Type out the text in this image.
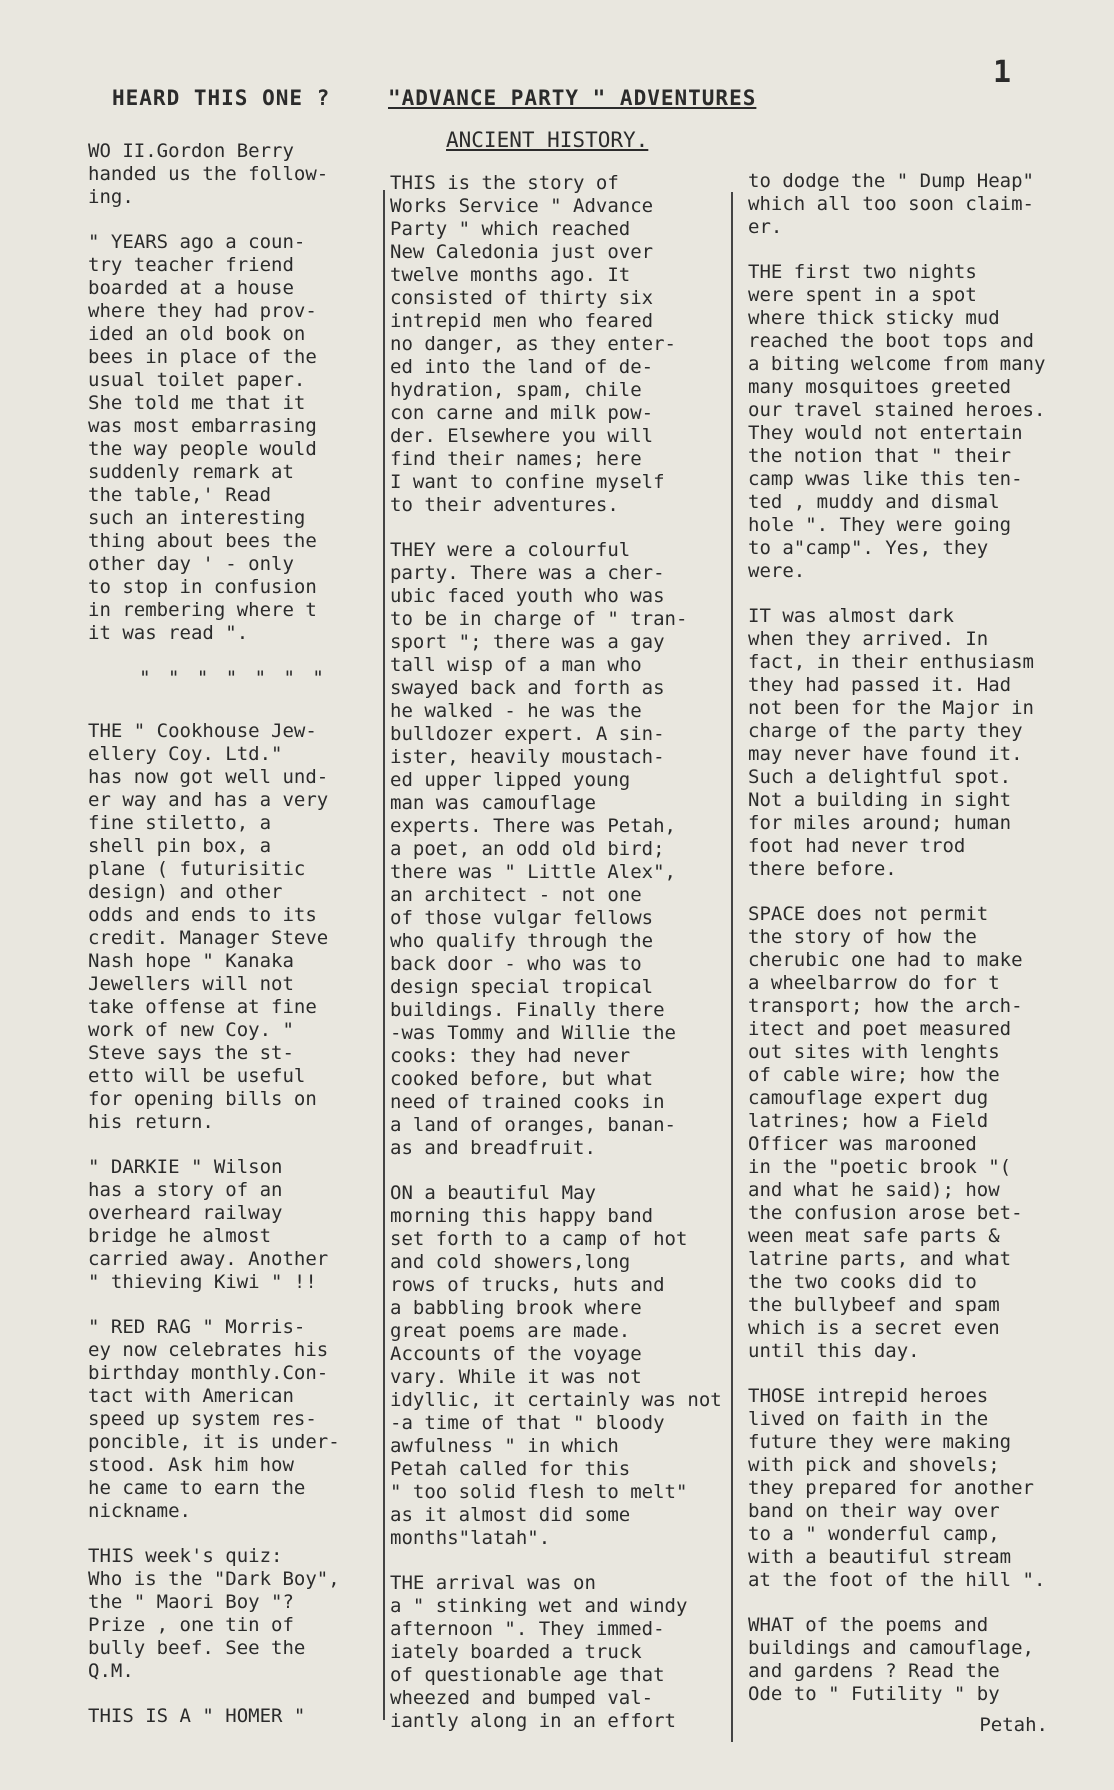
1
HEARD THIS ONE ?	"ADVANCE PARTY " ADVENTURES
ANCIENT HISTORY.

WO II.Gordon Berry
handed us the follow-
ing.

" YEARS ago a coun-
try teacher friend
boarded at a house
where they had prov-
ided an old book on
bees in place of the
usual toilet paper.
She told me that it
was most embarrasing
the way people would
suddenly remark at
the table,' Read
such an interesting
thing about bees the
other day ' - only
to stop in confusion
in rembering where t
it was read ".

" " " " " " "

THE " Cookhouse Jew-
ellery Coy. Ltd."
has now got well und-
er way and has a very
fine stiletto, a
shell pin box, a
plane ( futurisitic
design) and other
odds and ends to its
credit. Manager Steve
Nash hope " Kanaka
Jewellers will not
take offense at fine
work of new Coy. "
Steve says the st-
etto will be useful
for opening bills on
his return.

" DARKIE " Wilson
has a story of an
overheard railway
bridge he almost
carried away. Another
" thieving Kiwi " !!

" RED RAG " Morris-
ey now celebrates his
birthday monthly.Con-
tact with American
speed up system res-
poncible, it is under-
stood. Ask him how
he came to earn the
nickname.

THIS week's quiz:
Who is the "Dark Boy",
the " Maori Boy "?
Prize , one tin of
bully beef. See the
Q.M.

THIS IS A " HOMER "

THIS is the story of
Works Service " Advance
Party " which reached
New Caledonia just over
twelve months ago. It
consisted of thirty six
intrepid men who feared
no danger, as they enter-
ed into the land of de-
hydration, spam, chile
con carne and milk pow-
der. Elsewhere you will
find their names; here
I want to confine myself
to their adventures.

THEY were a colourful
party. There was a cher-
ubic faced youth who was
to be in charge of " tran-
sport "; there was a gay
tall wisp of a man who
swayed back and forth as
he walked - he was the
bulldozer expert. A sin-
ister, heavily moustach-
ed upper lipped young
man was camouflage
experts. There was Petah,
a poet, an odd old bird;
there was " Little Alex",
an architect - not one
of those vulgar fellows
who qualify through the
back door - who was to
design special tropical
buildings. Finally there
-was Tommy and Willie the
cooks: they had never
cooked before, but what
need of trained cooks in
a land of oranges, banan-
as and breadfruit.

ON a beautiful May
morning this happy band
set forth to a camp of hot
and cold showers,long
rows of trucks, huts and
a babbling brook where
great poems are made.
Accounts of the voyage
vary. While it was not
idyllic, it certainly was not
-a time of that " bloody
awfulness " in which
Petah called for this
" too solid flesh to melt"
as it almost did some
months"latah".

THE arrival was on
a " stinking wet and windy
afternoon ". They immed-
iately boarded a truck
of questionable age that
wheezed and bumped val-
iantly along in an effort

to dodge the " Dump Heap"
which all too soon claim-
er.

THE first two nights
were spent in a spot
where thick sticky mud
reached the boot tops and
a biting welcome from many
many mosquitoes greeted
our travel stained heroes.
They would not entertain
the notion that " their
camp wwas like this ten-
ted , muddy and dismal
hole ". They were going
to a"camp". Yes, they
were.

IT was almost dark
when they arrived. In
fact, in their enthusiasm
they had passed it. Had
not been for the Major in
charge of the party they
may never have found it.
Such a delightful spot.
Not a building in sight
for miles around; human
foot had never trod
there before.

SPACE does not permit
the story of how the
cherubic one had to make
a wheelbarrow do for t
transport; how the arch-
itect and poet measured
out sites with lenghts
of cable wire; how the
camouflage expert dug
latrines; how a Field
Officer was marooned
in the "poetic brook "(
and what he said); how
the confusion arose bet-
ween meat safe parts &
latrine parts, and what
the two cooks did to
the bullybeef and spam
which is a secret even
until this day.

THOSE intrepid heroes
lived on faith in the
future they were making
with pick and shovels;
they prepared for another
band on their way over
to a " wonderful camp,
with a beautiful stream
at the foot of the hill ".

WHAT of the poems and
buildings and camouflage,
and gardens ? Read the
Ode to " Futility " by

Petah.
